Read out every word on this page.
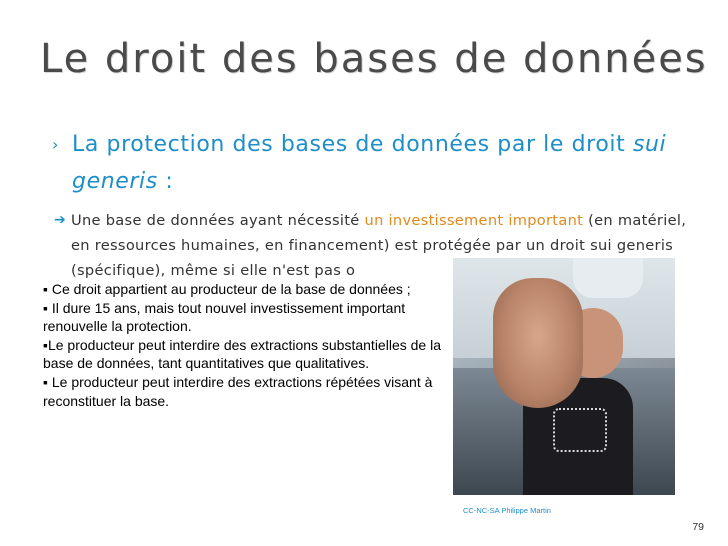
Le droit des bases de données
› La protection des bases de données par le droit sui generis :
➔ Une base de données ayant nécessité un investissement important (en matériel, en ressources humaines, en financement) est protégée par un droit sui generis (spécifique), même si elle n'est pas o

▪ Ce droit appartient au producteur de la base de données ;

▪ Il dure 15 ans, mais tout nouvel investissement important renouvelle la protection.

▪Le producteur peut interdire des extractions substantielles de la base de données, tant quantitatives que qualitatives.

▪ Le producteur peut interdire des extractions répétées visant à reconstituer la base.

CC-NC-SA Philippe Martin
79
